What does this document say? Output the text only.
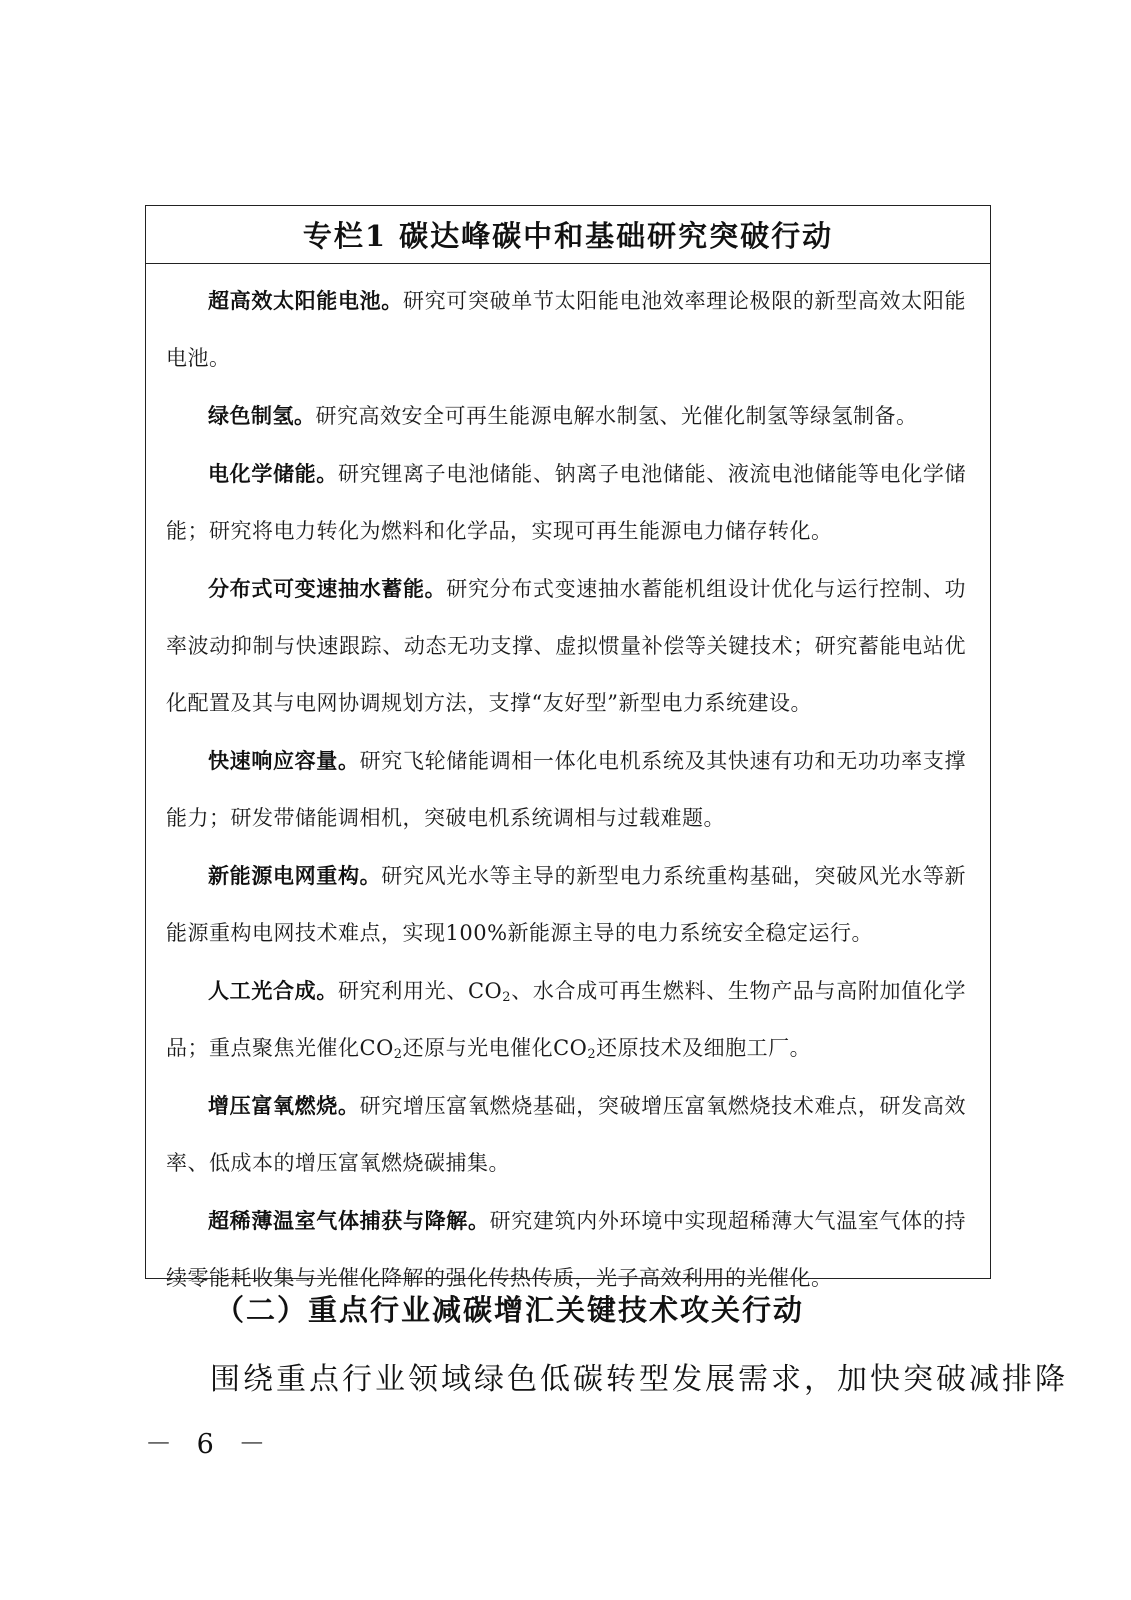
专栏1 碳达峰碳中和基础研究突破行动

超高效太阳能电池。研究可突破单节太阳能电池效率理论极限的新型高效太阳能电池。

绿色制氢。研究高效安全可再生能源电解水制氢、光催化制氢等绿氢制备。

电化学储能。研究锂离子电池储能、钠离子电池储能、液流电池储能等电化学储能；研究将电力转化为燃料和化学品，实现可再生能源电力储存转化。

分布式可变速抽水蓄能。研究分布式变速抽水蓄能机组设计优化与运行控制、功率波动抑制与快速跟踪、动态无功支撑、虚拟惯量补偿等关键技术；研究蓄能电站优化配置及其与电网协调规划方法，支撑“友好型”新型电力系统建设。

快速响应容量。研究飞轮储能调相一体化电机系统及其快速有功和无功功率支撑能力；研发带储能调相机，突破电机系统调相与过载难题。

新能源电网重构。研究风光水等主导的新型电力系统重构基础，突破风光水等新能源重构电网技术难点，实现100%新能源主导的电力系统安全稳定运行。

人工光合成。研究利用光、$CO_2$、水合成可再生燃料、生物产品与高附加值化学品；重点聚焦光催化$CO_2$还原与光电催化$CO_2$还原技术及细胞工厂。

增压富氧燃烧。研究增压富氧燃烧基础，突破增压富氧燃烧技术难点，研发高效率、低成本的增压富氧燃烧碳捕集。

超稀薄温室气体捕获与降解。研究建筑内外环境中实现超稀薄大气温室气体的持续零能耗收集与光催化降解的强化传热传质，光子高效利用的光催化。

（二）重点行业减碳增汇关键技术攻关行动

围绕重点行业领域绿色低碳转型发展需求，加快突破减排降

－ 6 －
